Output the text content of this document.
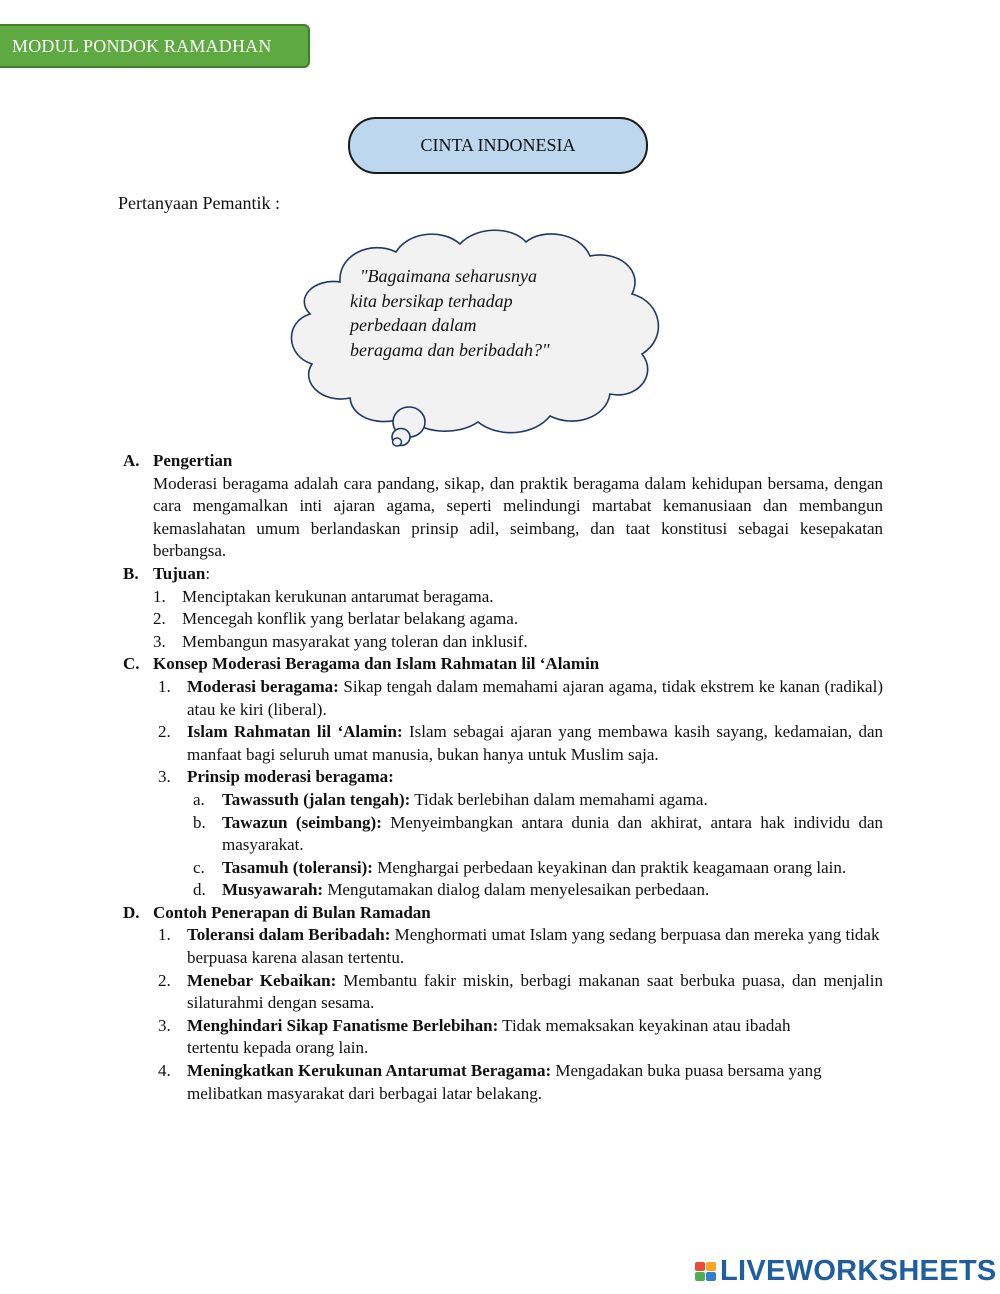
MODUL PONDOK RAMADHAN
CINTA INDONESIA
Pertanyaan Pemantik :
"Bagaimana seharusnya
kita bersikap terhadap
perbedaan dalam
beragama dan beribadah?"
A. Pengertian
Moderasi beragama adalah cara pandang, sikap, dan praktik beragama dalam kehidupan bersama, dengan cara mengamalkan inti ajaran agama, seperti melindungi martabat kemanusiaan dan membangun kemaslahatan umum berlandaskan prinsip adil, seimbang, dan taat konstitusi sebagai kesepakatan berbangsa.
B. Tujuan:
1. Menciptakan kerukunan antarumat beragama.
2. Mencegah konflik yang berlatar belakang agama.
3. Membangun masyarakat yang toleran dan inklusif.
C. Konsep Moderasi Beragama dan Islam Rahmatan lil ‘Alamin
1. Moderasi beragama: Sikap tengah dalam memahami ajaran agama, tidak ekstrem ke kanan (radikal) atau ke kiri (liberal).
2. Islam Rahmatan lil ‘Alamin: Islam sebagai ajaran yang membawa kasih sayang, kedamaian, dan manfaat bagi seluruh umat manusia, bukan hanya untuk Muslim saja.
3. Prinsip moderasi beragama:
a. Tawassuth (jalan tengah): Tidak berlebihan dalam memahami agama.
b. Tawazun (seimbang): Menyeimbangkan antara dunia dan akhirat, antara hak individu dan masyarakat.
c. Tasamuh (toleransi): Menghargai perbedaan keyakinan dan praktik keagamaan orang lain.
d. Musyawarah: Mengutamakan dialog dalam menyelesaikan perbedaan.
D. Contoh Penerapan di Bulan Ramadan
1. Toleransi dalam Beribadah: Menghormati umat Islam yang sedang berpuasa dan mereka yang tidak berpuasa karena alasan tertentu.
2. Menebar Kebaikan: Membantu fakir miskin, berbagi makanan saat berbuka puasa, dan menjalin silaturahmi dengan sesama.
3. Menghindari Sikap Fanatisme Berlebihan: Tidak memaksakan keyakinan atau ibadah tertentu kepada orang lain.
4. Meningkatkan Kerukunan Antarumat Beragama: Mengadakan buka puasa bersama yang melibatkan masyarakat dari berbagai latar belakang.
LIVEWORKSHEETS
